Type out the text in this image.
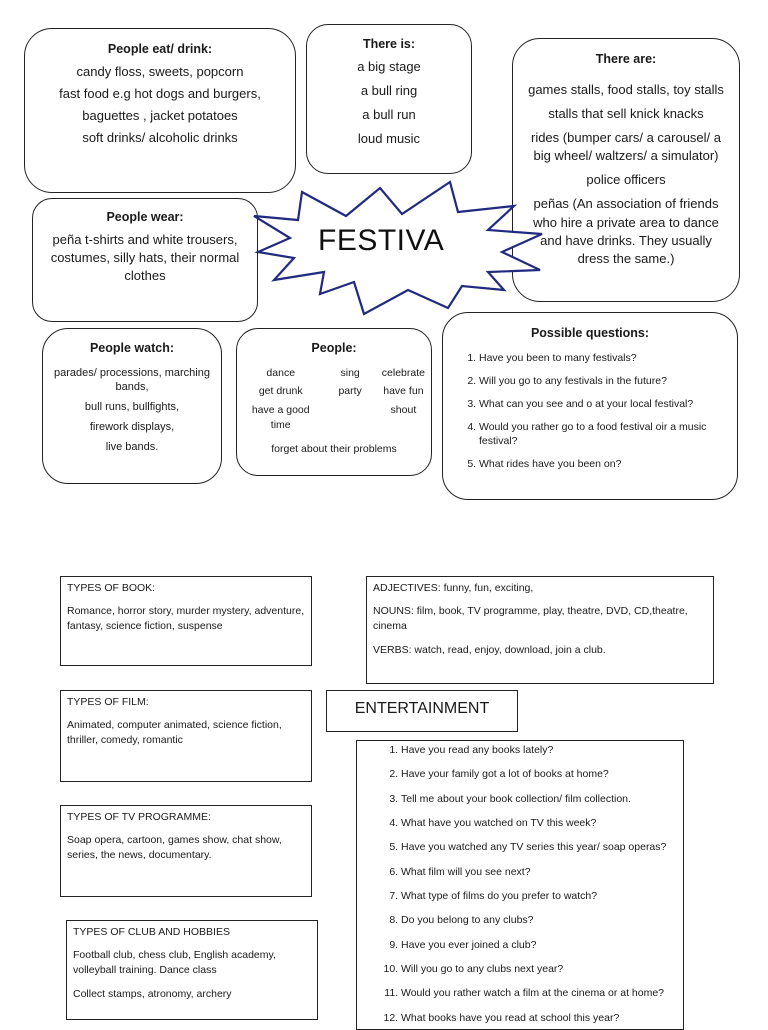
People eat/ drink:

candy floss, sweets, popcorn

fast food e.g hot dogs and burgers,

baguettes , jacket potatoes

soft drinks/ alcoholic drinks

There is:

a big stage

a bull ring

a bull run

loud music

There are:

games stalls, food stalls, toy stalls

stalls that sell knick knacks

rides (bumper cars/ a carousel/ a big wheel/ waltzers/ a simulator)

police officers

peñas (An association of friends who hire a private area to dance and have drinks. They usually dress the same.)

People wear:

peña t-shirts and white trousers, costumes, silly hats, their normal clothes

FESTIVA
People watch:

parades/ processions, marching bands,

bull runs, bullfights,

firework displays,

live bands.

People:
dance	sing celebrate
get drunk	party have fun
have a good time
shout

forget about their problems

Possible questions:
1. Have you been to many festivals?
2. Will you go to any festivals in the future?
3. What can you see and o at your local festival?
4. Would you rather go to a food festival oir a music festival?
5. What rides have you been on?

TYPES OF BOOK:

Romance, horror story, murder mystery, adventure, fantasy, science fiction, suspense

ADJECTIVES: funny, fun, exciting,

NOUNS: film, book, TV programme, play, theatre, DVD, CD,theatre, cinema

VERBS: watch, read, enjoy, download, join a club.

TYPES OF FILM:

Animated, computer animated, science fiction, thriller, comedy, romantic

ENTERTAINMENT

TYPES OF TV PROGRAMME:

Soap opera, cartoon, games show, chat show, series, the news, documentary.

TYPES OF CLUB AND HOBBIES

Football club, chess club, English academy, volleyball training. Dance class

Collect stamps, atronomy, archery

1. Have you read any books lately?
2. Have your family got a lot of books at home?
3. Tell me about your book collection/ film collection.
4. What have you watched on TV this week?
5. Have you watched any TV series this year/ soap operas?
6. What film will you see next?
7. What type of films do you prefer to watch?
8. Do you belong to any clubs?
9. Have you ever joined a club?
10. Will you go to any clubs next year?
11. Would you rather watch a film at the cinema or at home?
12. What books have you read at school this year?
